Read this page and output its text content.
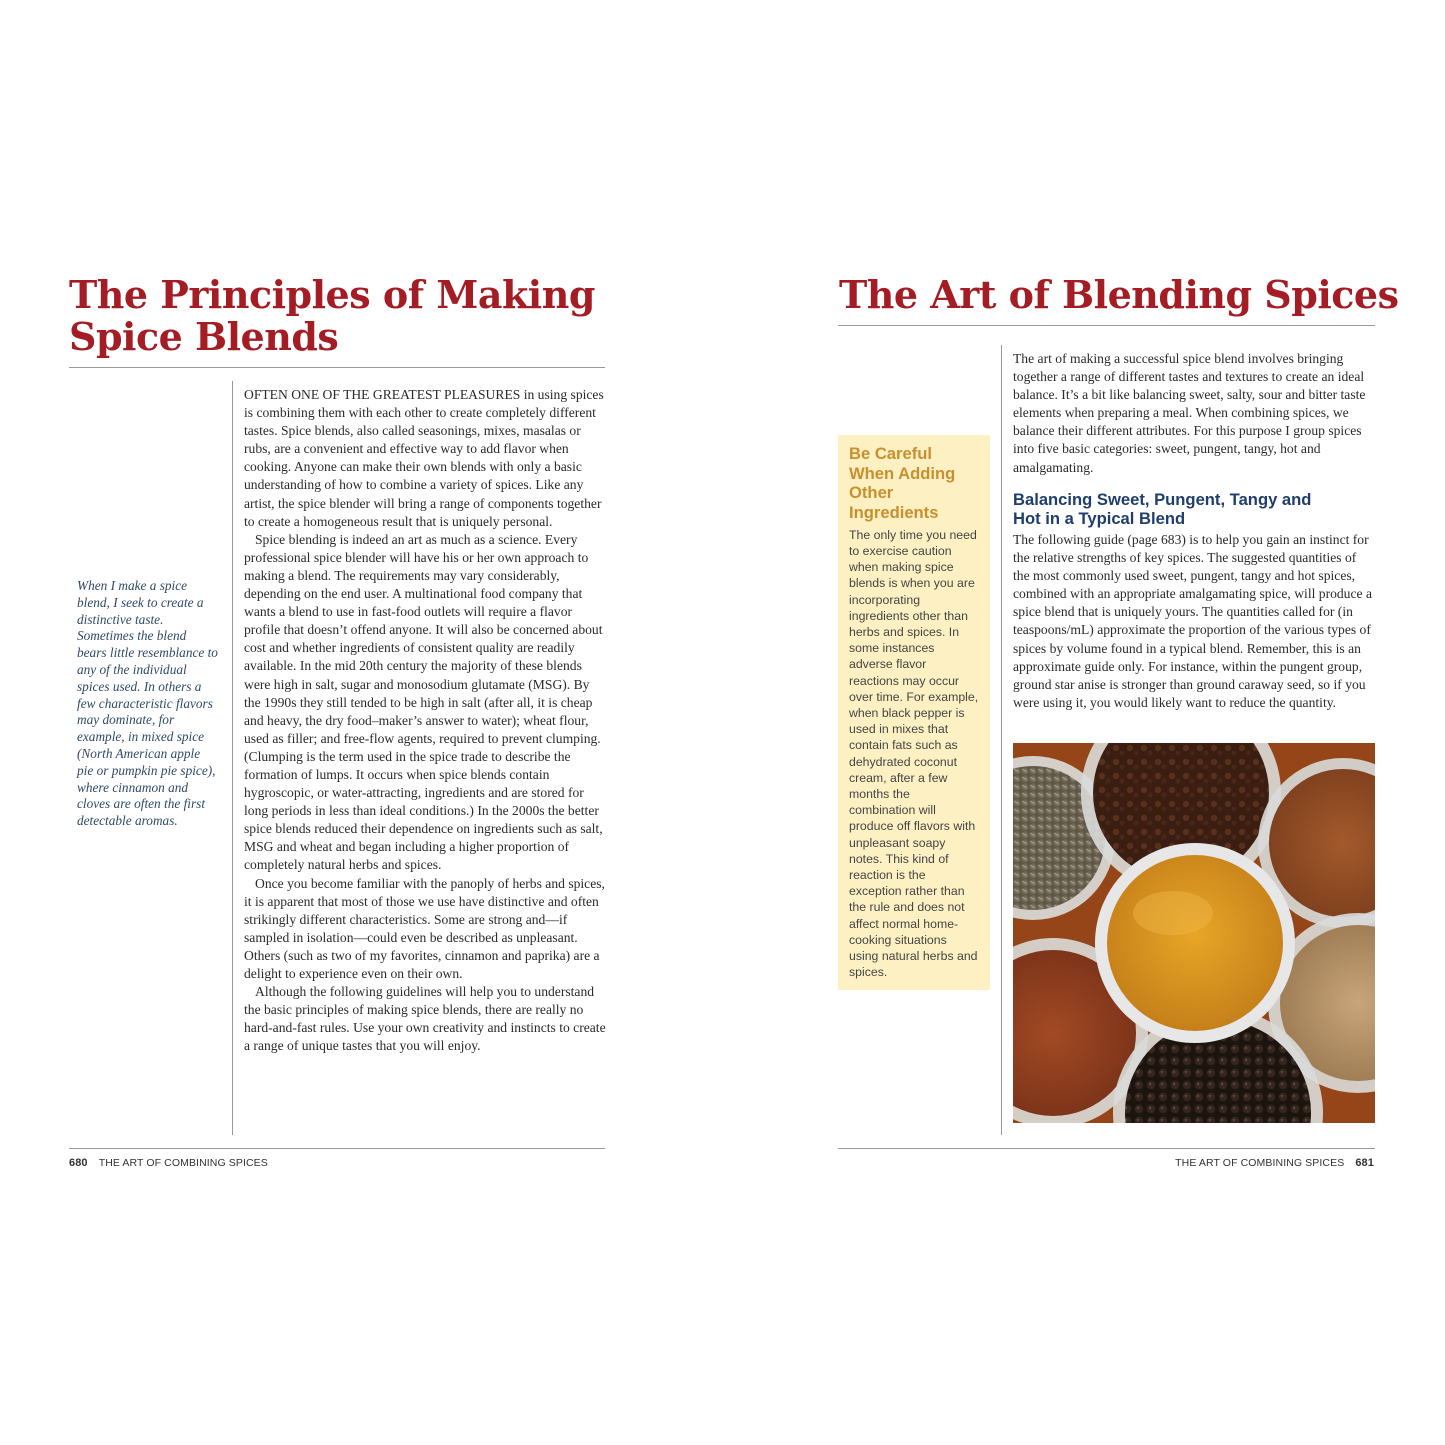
The Principles of Making Spice Blends

When I make a spice blend, I seek to create a distinctive taste. Sometimes the blend bears little resemblance to any of the individual spices used. In others a few characteristic flavors may dominate, for example, in mixed spice (North American apple pie or pumpkin pie spice), where cinnamon and cloves are often the first detectable aromas.

OFTEN ONE OF THE GREATEST PLEASURES in using spices is combining them with each other to create completely different tastes. Spice blends, also called seasonings, mixes, masalas or rubs, are a convenient and effective way to add flavor when cooking. Anyone can make their own blends with only a basic understanding of how to combine a variety of spices. Like any artist, the spice blender will bring a range of components together to create a homogeneous result that is uniquely personal.

Spice blending is indeed an art as much as a science. Every professional spice blender will have his or her own approach to making a blend. The requirements may vary considerably, depending on the end user. A multinational food company that wants a blend to use in fast-food outlets will require a flavor profile that doesn’t offend anyone. It will also be concerned about cost and whether ingredients of consistent quality are readily available. In the mid 20th century the majority of these blends were high in salt, sugar and monosodium glutamate (MSG). By the 1990s they still tended to be high in salt (after all, it is cheap and heavy, the dry food–maker’s answer to water); wheat flour, used as filler; and free-flow agents, required to prevent clumping. (Clumping is the term used in the spice trade to describe the formation of lumps. It occurs when spice blends contain hygroscopic, or water-attracting, ingredients and are stored for long periods in less than ideal conditions.) In the 2000s the better spice blends reduced their dependence on ingredients such as salt, MSG and wheat and began including a higher proportion of completely natural herbs and spices.

Once you become familiar with the panoply of herbs and spices, it is apparent that most of those we use have distinctive and often strikingly different characteristics. Some are strong and—if sampled in isolation—could even be described as unpleasant. Others (such as two of my favorites, cinnamon and paprika) are a delight to experience even on their own.

Although the following guidelines will help you to understand the basic principles of making spice blends, there are really no hard-and-fast rules. Use your own creativity and instincts to create a range of unique tastes that you will enjoy.

680 THE ART OF COMBINING SPICES
The Art of Blending Spices
Be Careful When Adding Other Ingredients
The only time you need to exercise caution when making spice blends is when you are incorporating ingredients other than herbs and spices. In some instances adverse flavor reactions may occur over time. For example, when black pepper is used in mixes that contain fats such as dehydrated coconut cream, after a few months the combination will produce off flavors with unpleasant soapy notes. This kind of reaction is the exception rather than the rule and does not affect normal home-cooking situations using natural herbs and spices.
The art of making a successful spice blend involves bringing together a range of different tastes and textures to create an ideal balance. It’s a bit like balancing sweet, salty, sour and bitter taste elements when preparing a meal. When combining spices, we balance their different attributes. For this purpose I group spices into five basic categories: sweet, pungent, tangy, hot and amalgamating.
Balancing Sweet, Pungent, Tangy and Hot in a Typical Blend
The following guide (page 683) is to help you gain an instinct for the relative strengths of key spices. The suggested quantities of the most commonly used sweet, pungent, tangy and hot spices, combined with an appropriate amalgamating spice, will produce a spice blend that is uniquely yours. The quantities called for (in teaspoons/mL) approximate the proportion of the various types of spices by volume found in a typical blend. Remember, this is an approximate guide only. For instance, within the pungent group, ground star anise is stronger than ground caraway seed, so if you were using it, you would likely want to reduce the quantity.
THE ART OF COMBINING SPICES 681
